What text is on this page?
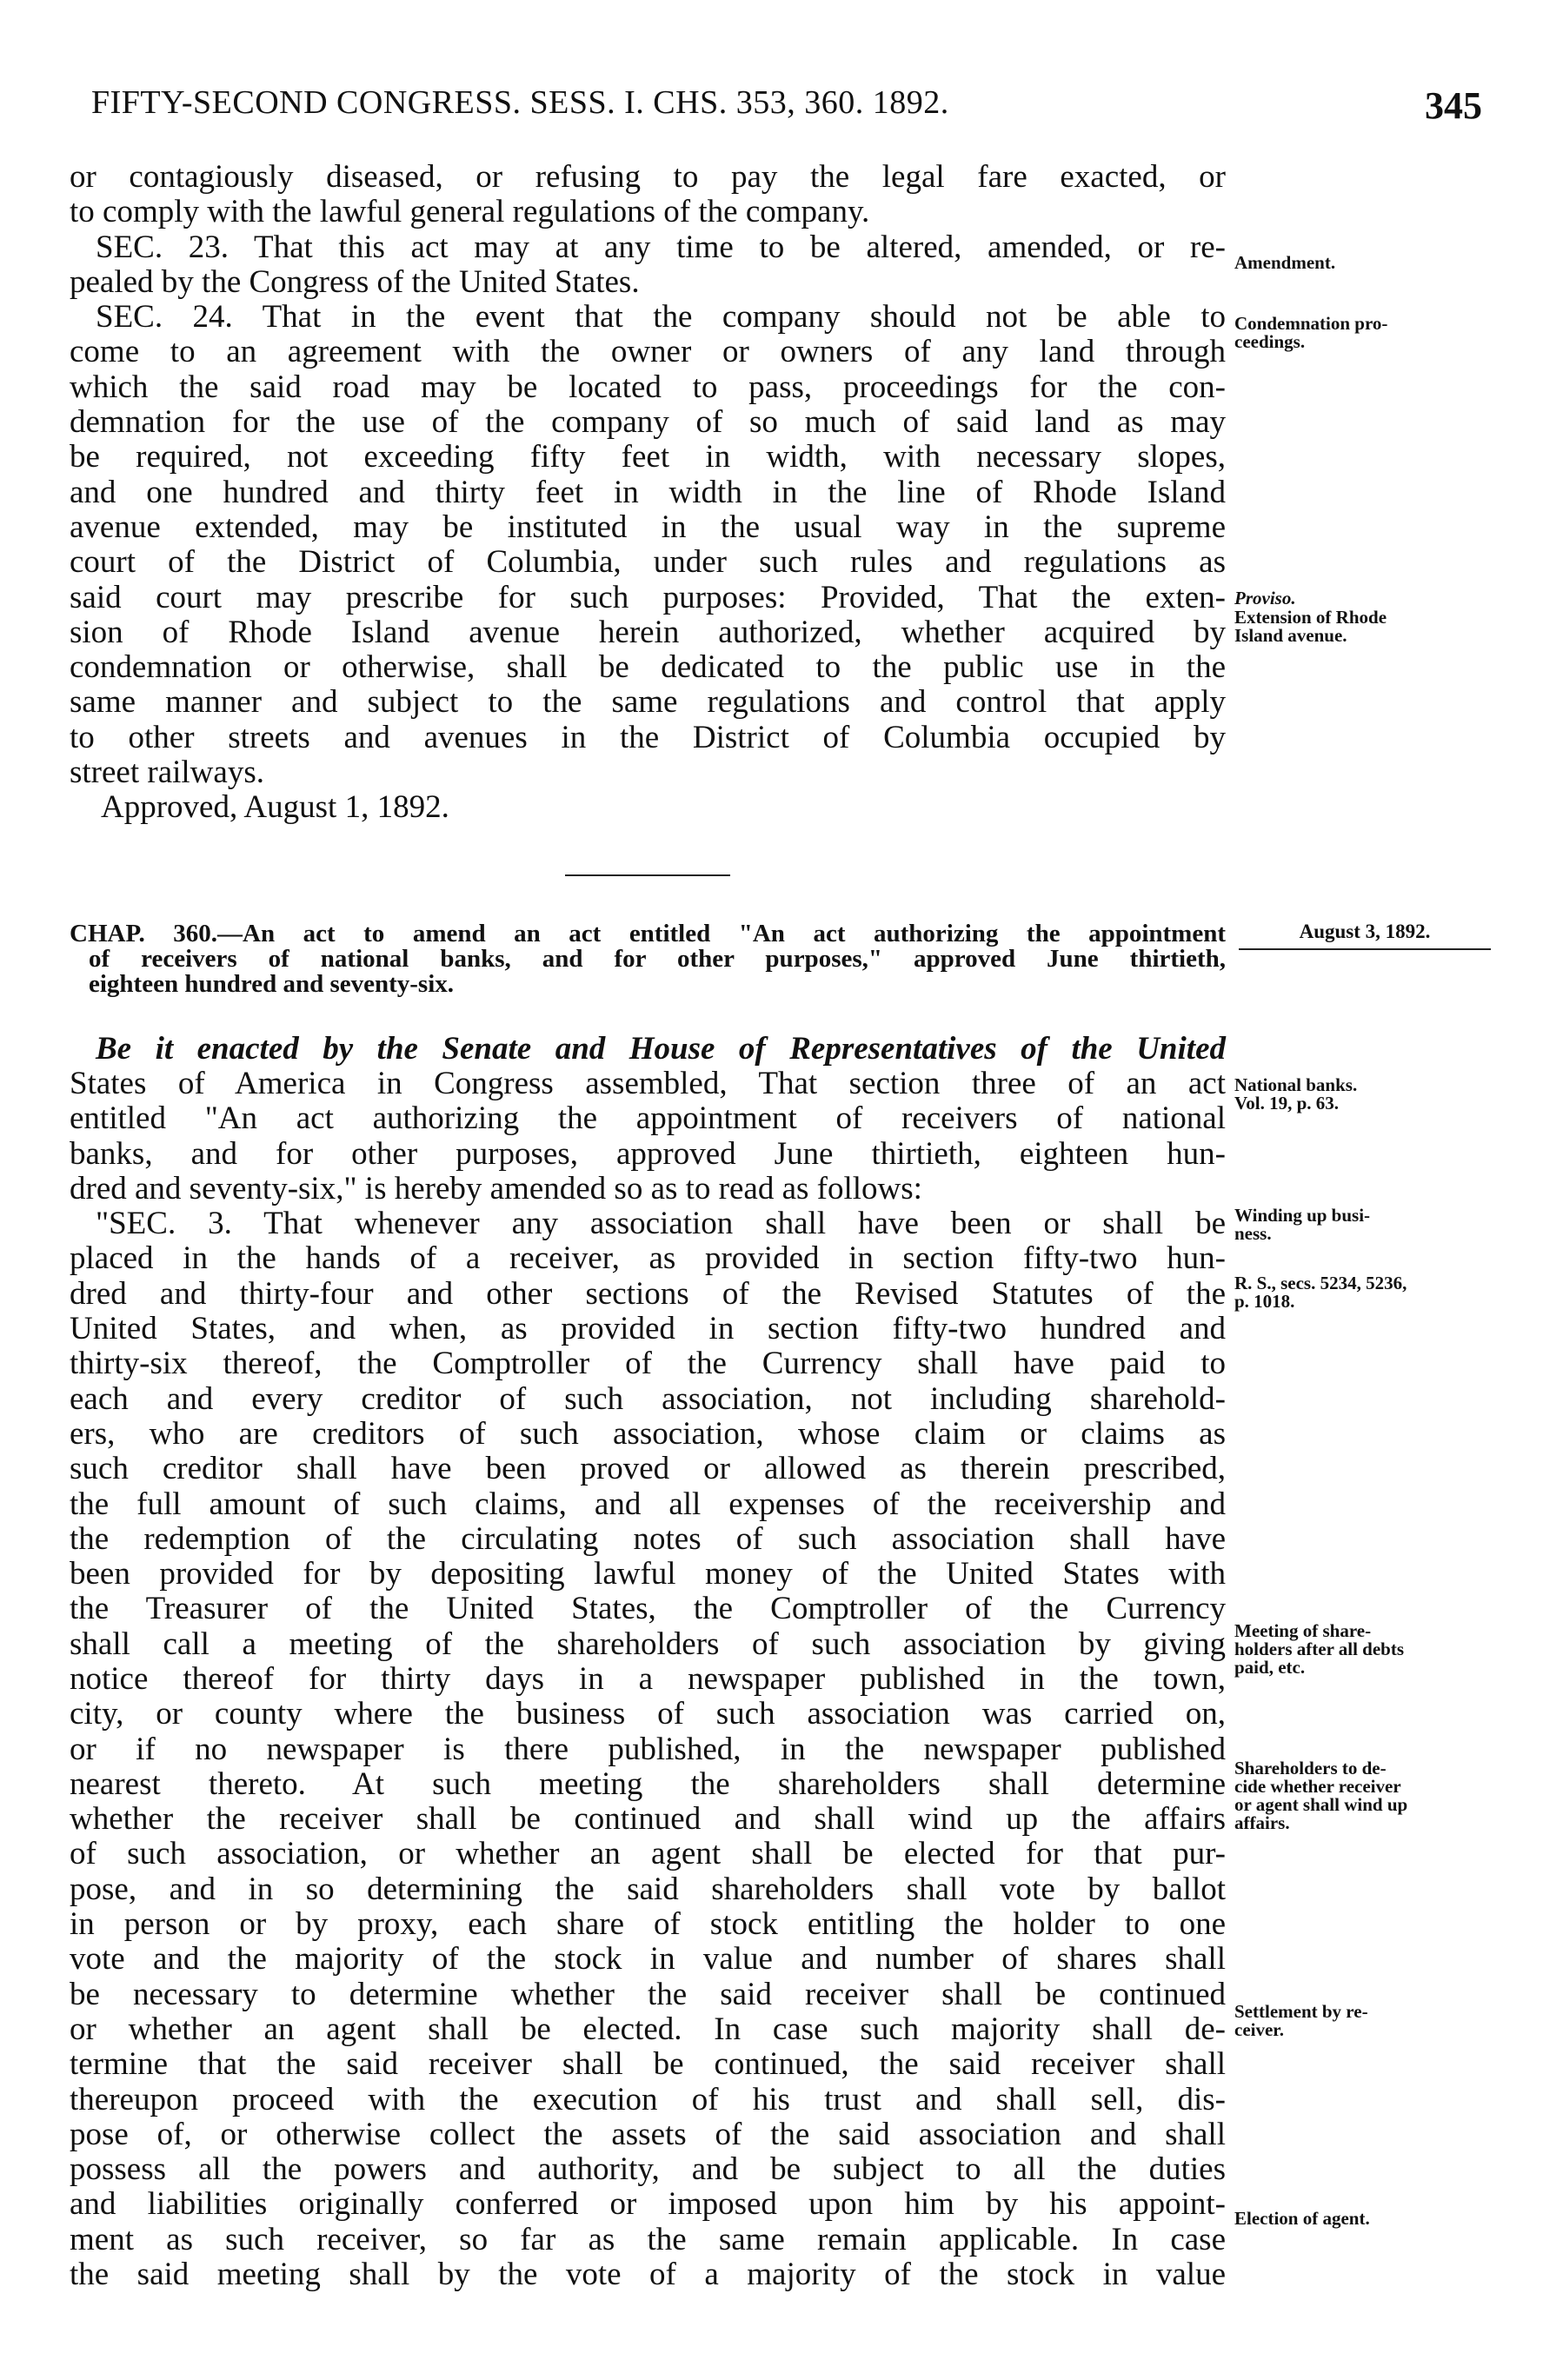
FIFTY-SECOND CONGRESS. SESS. I. CHS. 353, 360. 1892.	345
or contagiously diseased, or refusing to pay the legal fare exacted, or
to comply with the lawful general regulations of the company.
SEC. 23. That this act may at any time to be altered, amended, or re-
pealed by the Congress of the United States.
SEC. 24. That in the event that the company should not be able to
come to an agreement with the owner or owners of any land through
which the said road may be located to pass, proceedings for the con-
demnation for the use of the company of so much of said land as may
be required, not exceeding fifty feet in width, with necessary slopes,
and one hundred and thirty feet in width in the line of Rhode Island
avenue extended, may be instituted in the usual way in the supreme
court of the District of Columbia, under such rules and regulations as
said court may prescribe for such purposes: Provided, That the exten-
sion of Rhode Island avenue herein authorized, whether acquired by
condemnation or otherwise, shall be dedicated to the public use in the
same manner and subject to the same regulations and control that apply
to other streets and avenues in the District of Columbia occupied by
street railways.
Approved, August 1, 1892.
CHAP. 360.—An act to amend an act entitled "An act authorizing the appointment
of receivers of national banks, and for other purposes," approved June thirtieth,
eighteen hundred and seventy-six.
Be it enacted by the Senate and House of Representatives of the United
States of America in Congress assembled, That section three of an act
entitled "An act authorizing the appointment of receivers of national
banks, and for other purposes, approved June thirtieth, eighteen hun-
dred and seventy-six," is hereby amended so as to read as follows:
"SEC. 3. That whenever any association shall have been or shall be
placed in the hands of a receiver, as provided in section fifty-two hun-
dred and thirty-four and other sections of the Revised Statutes of the
United States, and when, as provided in section fifty-two hundred and
thirty-six thereof, the Comptroller of the Currency shall have paid to
each and every creditor of such association, not including sharehold-
ers, who are creditors of such association, whose claim or claims as
such creditor shall have been proved or allowed as therein prescribed,
the full amount of such claims, and all expenses of the receivership and
the redemption of the circulating notes of such association shall have
been provided for by depositing lawful money of the United States with
the Treasurer of the United States, the Comptroller of the Currency
shall call a meeting of the shareholders of such association by giving
notice thereof for thirty days in a newspaper published in the town,
city, or county where the business of such association was carried on,
or if no newspaper is there published, in the newspaper published
nearest thereto. At such meeting the shareholders shall determine
whether the receiver shall be continued and shall wind up the affairs
of such association, or whether an agent shall be elected for that pur-
pose, and in so determining the said shareholders shall vote by ballot
in person or by proxy, each share of stock entitling the holder to one
vote and the majority of the stock in value and number of shares shall
be necessary to determine whether the said receiver shall be continued
or whether an agent shall be elected. In case such majority shall de-
termine that the said receiver shall be continued, the said receiver shall
thereupon proceed with the execution of his trust and shall sell, dis-
pose of, or otherwise collect the assets of the said association and shall
possess all the powers and authority, and be subject to all the duties
and liabilities originally conferred or imposed upon him by his appoint-
ment as such receiver, so far as the same remain applicable. In case
the said meeting shall by the vote of a majority of the stock in value
Amendment.
Condemnation pro-
ceedings.
Proviso.
Extension of Rhode
Island avenue.
National banks.
Vol. 19, p. 63.
Winding up busi-
ness.
R. S., secs. 5234, 5236,
p. 1018.
Meeting of share-
holders after all debts
paid, etc.
Shareholders to de-
cide whether receiver
or agent shall wind up
affairs.
Settlement by re-
ceiver.
Election of agent.
August 3, 1892.
